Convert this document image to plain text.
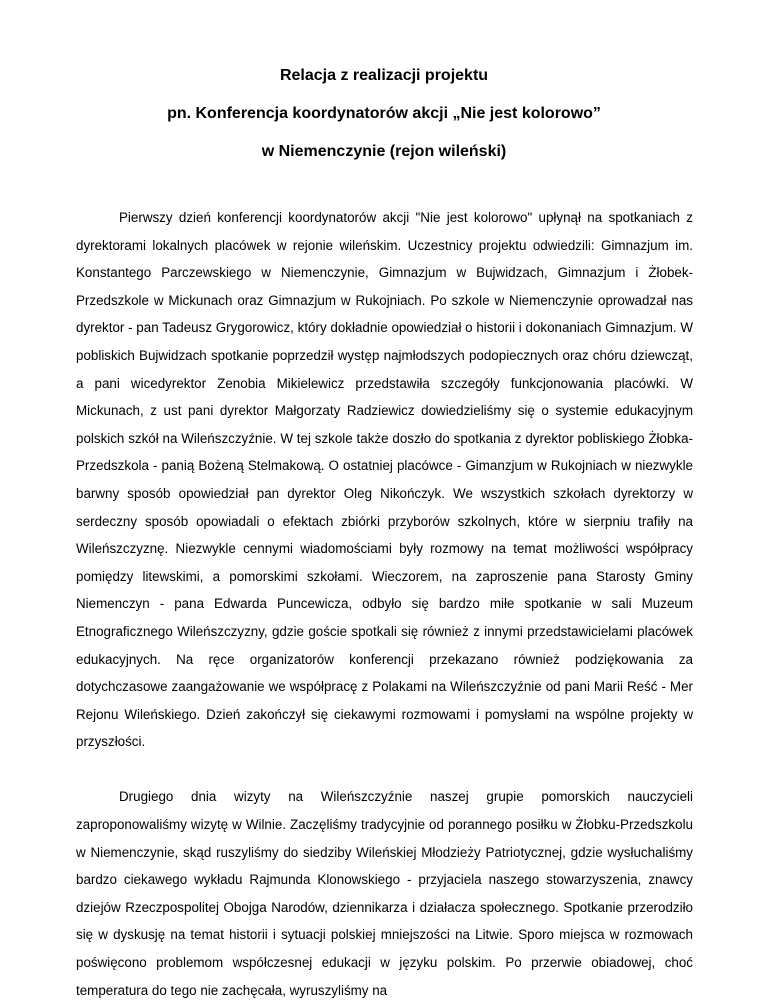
Relacja z realizacji projektu
pn. Konferencja koordynatorów akcji „Nie jest kolorowo”
w Niemenczynie (rejon wileński)

Pierwszy dzień konferencji koordynatorów akcji "Nie jest kolorowo" upłynął na spotkaniach z dyrektorami lokalnych placówek w rejonie wileńskim. Uczestnicy projektu odwiedzili: Gimnazjum im. Konstantego Parczewskiego w Niemenczynie, Gimnazjum w Bujwidzach, Gimnazjum i Żłobek-Przedszkole w Mickunach oraz Gimnazjum w Rukojniach. Po szkole w Niemenczynie oprowadzał nas dyrektor - pan Tadeusz Grygorowicz, który dokładnie opowiedział o historii i dokonaniach Gimnazjum. W pobliskich Bujwidzach spotkanie poprzedził występ najmłodszych podopiecznych oraz chóru dziewcząt, a pani wicedyrektor Zenobia Mikielewicz przedstawiła szczegóły funkcjonowania placówki. W Mickunach, z ust pani dyrektor Małgorzaty Radziewicz dowiedzieliśmy się o systemie edukacyjnym polskich szkół na Wileńszczyźnie. W tej szkole także doszło do spotkania z dyrektor pobliskiego Żłobka-Przedszkola - panią Bożeną Stelmakową. O ostatniej placówce - Gimanzjum w Rukojniach w niezwykle barwny sposób opowiedział pan dyrektor Oleg Nikończyk. We wszystkich szkołach dyrektorzy w serdeczny sposób opowiadali o efektach zbiórki przyborów szkolnych, które w sierpniu trafiły na Wileńszczyznę. Niezwykle cennymi wiadomościami były rozmowy na temat możliwości współpracy pomiędzy litewskimi, a pomorskimi szkołami. Wieczorem, na zaproszenie pana Starosty Gminy Niemenczyn - pana Edwarda Puncewicza, odbyło się bardzo miłe spotkanie w sali Muzeum Etnograficznego Wileńszczyzny, gdzie goście spotkali się również z innymi przedstawicielami placówek edukacyjnych. Na ręce organizatorów konferencji przekazano również podziękowania za dotychczasowe zaangażowanie we współpracę z Polakami na Wileńszczyźnie od pani Marii Reść - Mer Rejonu Wileńskiego. Dzień zakończył się ciekawymi rozmowami i pomysłami na wspólne projekty w przyszłości.

Drugiego dnia wizyty na Wileńszczyźnie naszej grupie pomorskich nauczycieli zaproponowaliśmy wizytę w Wilnie. Zaczęliśmy tradycyjnie od porannego posiłku w Żłobku-Przedszkolu w Niemenczynie, skąd ruszyliśmy do siedziby Wileńskiej Młodzieży Patriotycznej, gdzie wysłuchaliśmy bardzo ciekawego wykładu Rajmunda Klonowskiego - przyjaciela naszego stowarzyszenia, znawcy dziejów Rzeczpospolitej Obojga Narodów, dziennikarza i działacza społecznego. Spotkanie przerodziło się w dyskusję na temat historii i sytuacji polskiej mniejszości na Litwie. Sporo miejsca w rozmowach poświęcono problemom współczesnej edukacji w języku polskim. Po przerwie obiadowej, choć temperatura do tego nie zachęcała, wyruszyliśmy na
